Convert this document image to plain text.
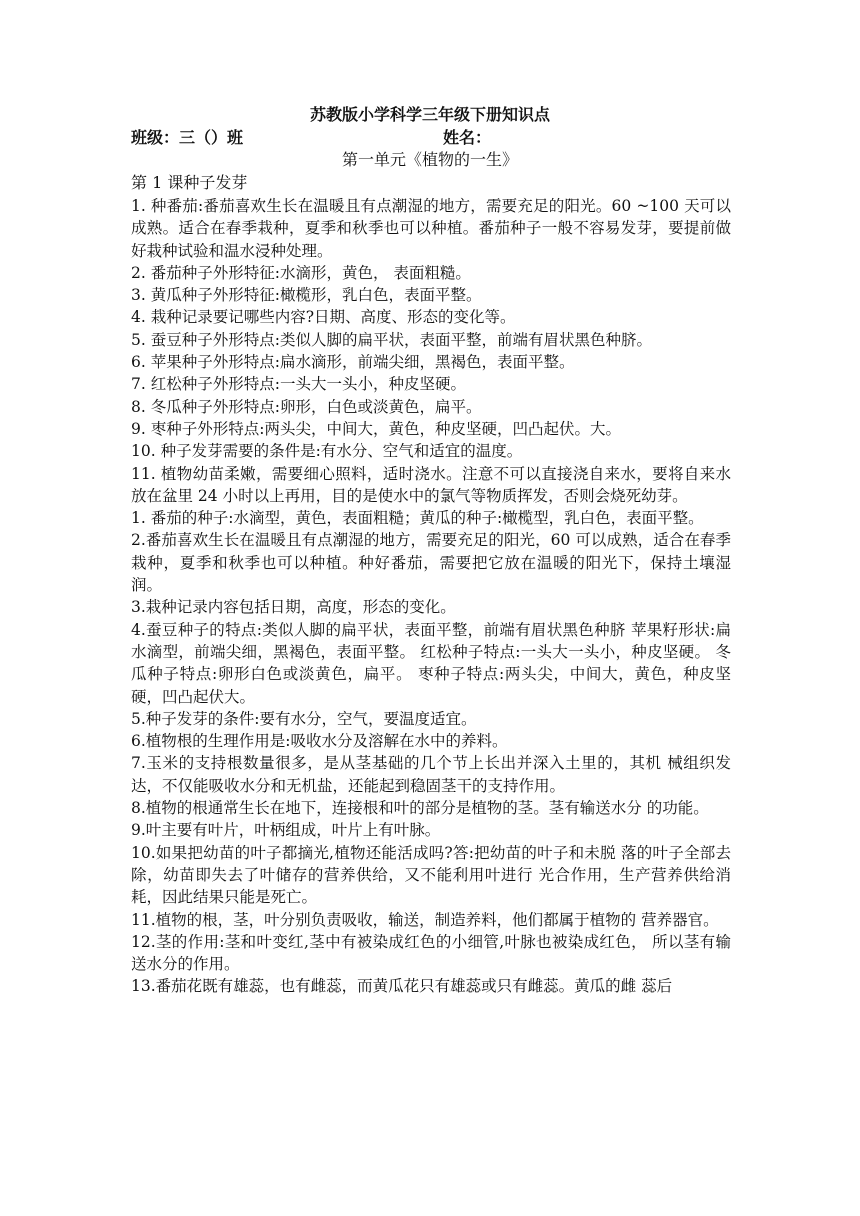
苏教版小学科学三年级下册知识点
班级：三（）班	姓名：
第一单元《植物的一生》
第 1 课种子发芽

1. 种番茄:番茄喜欢生长在温暖且有点潮湿的地方，需要充足的阳光。60 ~100 天可以成熟。适合在春季栽种，夏季和秋季也可以种植。番茄种子一般不容易发芽，要提前做好栽种试验和温水浸种处理。

2. 番茄种子外形特征:水滴形，黄色， 表面粗糙。

3. 黄瓜种子外形特征:橄榄形，乳白色，表面平整。

4. 栽种记录要记哪些内容?日期、高度、形态的变化等。

5. 蚕豆种子外形特点:类似人脚的扁平状，表面平整，前端有眉状黑色种脐。

6. 苹果种子外形特点:扁水滴形，前端尖细，黑褐色，表面平整。

7. 红松种子外形特点:一头大一头小，种皮坚硬。

8. 冬瓜种子外形特点:卵形，白色或淡黄色，扁平。

9. 枣种子外形特点:两头尖，中间大，黄色，种皮坚硬，凹凸起伏。大。

10. 种子发芽需要的条件是:有水分、空气和适宜的温度。

11. 植物幼苗柔嫩，需要细心照料，适时浇水。注意不可以直接浇自来水，要将自来水放在盆里 24 小时以上再用，目的是使水中的氯气等物质挥发，否则会烧死幼芽。

1. 番茄的种子:水滴型，黄色，表面粗糙；黄瓜的种子:橄榄型，乳白色，表面平整。

2.番茄喜欢生长在温暖且有点潮湿的地方，需要充足的阳光，60 可以成熟，适合在春季栽种，夏季和秋季也可以种植。种好番茄，需要把它放在温暖的阳光下，保持土壤湿润。

3.栽种记录内容包括日期，高度，形态的变化。

4.蚕豆种子的特点:类似人脚的扁平状，表面平整，前端有眉状黑色种脐 苹果籽形状:扁水滴型，前端尖细，黑褐色，表面平整。 红松种子特点:一头大一头小，种皮坚硬。 冬瓜种子特点:卵形白色或淡黄色，扁平。 枣种子特点:两头尖，中间大，黄色，种皮坚硬，凹凸起伏大。

5.种子发芽的条件:要有水分，空气，要温度适宜。

6.植物根的生理作用是:吸收水分及溶解在水中的养料。

7.玉米的支持根数量很多，是从茎基础的几个节上长出并深入土里的，其机 械组织发达，不仅能吸收水分和无机盐，还能起到稳固茎干的支持作用。

8.植物的根通常生长在地下，连接根和叶的部分是植物的茎。茎有输送水分 的功能。

9.叶主要有叶片，叶柄组成，叶片上有叶脉。

10.如果把幼苗的叶子都摘光,植物还能活成吗?答:把幼苗的叶子和未脱 落的叶子全部去除，幼苗即失去了叶储存的营养供给，又不能利用叶进行 光合作用，生产营养供给消耗，因此结果只能是死亡。

11.植物的根，茎，叶分别负责吸收，输送，制造养料，他们都属于植物的 营养器官。

12.茎的作用:茎和叶变红,茎中有被染成红色的小细管,叶脉也被染成红色， 所以茎有输送水分的作用。

13.番茄花既有雄蕊，也有雌蕊，而黄瓜花只有雄蕊或只有雌蕊。黄瓜的雌 蕊后
